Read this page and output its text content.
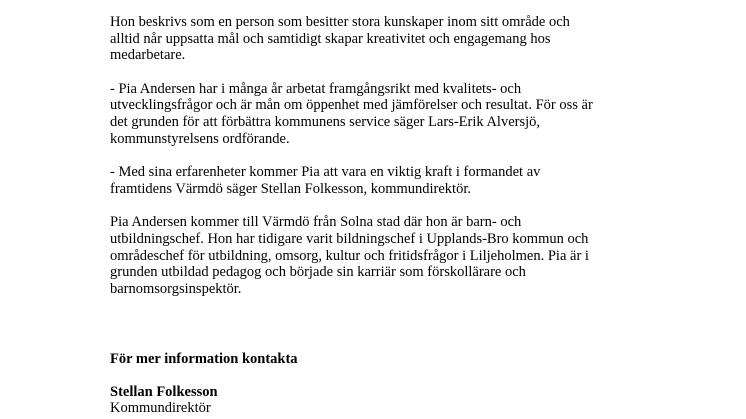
Hon beskrivs som en person som besitter stora kunskaper inom sitt område och
alltid når uppsatta mål och samtidigt skapar kreativitet och engagemang hos
medarbetare.

- Pia Andersen har i många år arbetat framgångsrikt med kvalitets- och
utvecklingsfrågor och är mån om öppenhet med jämförelser och resultat. För oss är
det grunden för att förbättra kommunens service säger Lars-Erik Alversjö,
kommunstyrelsens ordförande.

- Med sina erfarenheter kommer Pia att vara en viktig kraft i formandet av
framtidens Värmdö säger Stellan Folkesson, kommundirektör.

Pia Andersen kommer till Värmdö från Solna stad där hon är barn- och
utbildningschef. Hon har tidigare varit bildningschef i Upplands-Bro kommun och
områdeschef för utbildning, omsorg, kultur och fritidsfrågor i Liljeholmen. Pia är i
grunden utbildad pedagog och började sin karriär som förskollärare och
barnomsorgsinspektör.

För mer information kontakta
Stellan Folkesson
Kommundirektör
